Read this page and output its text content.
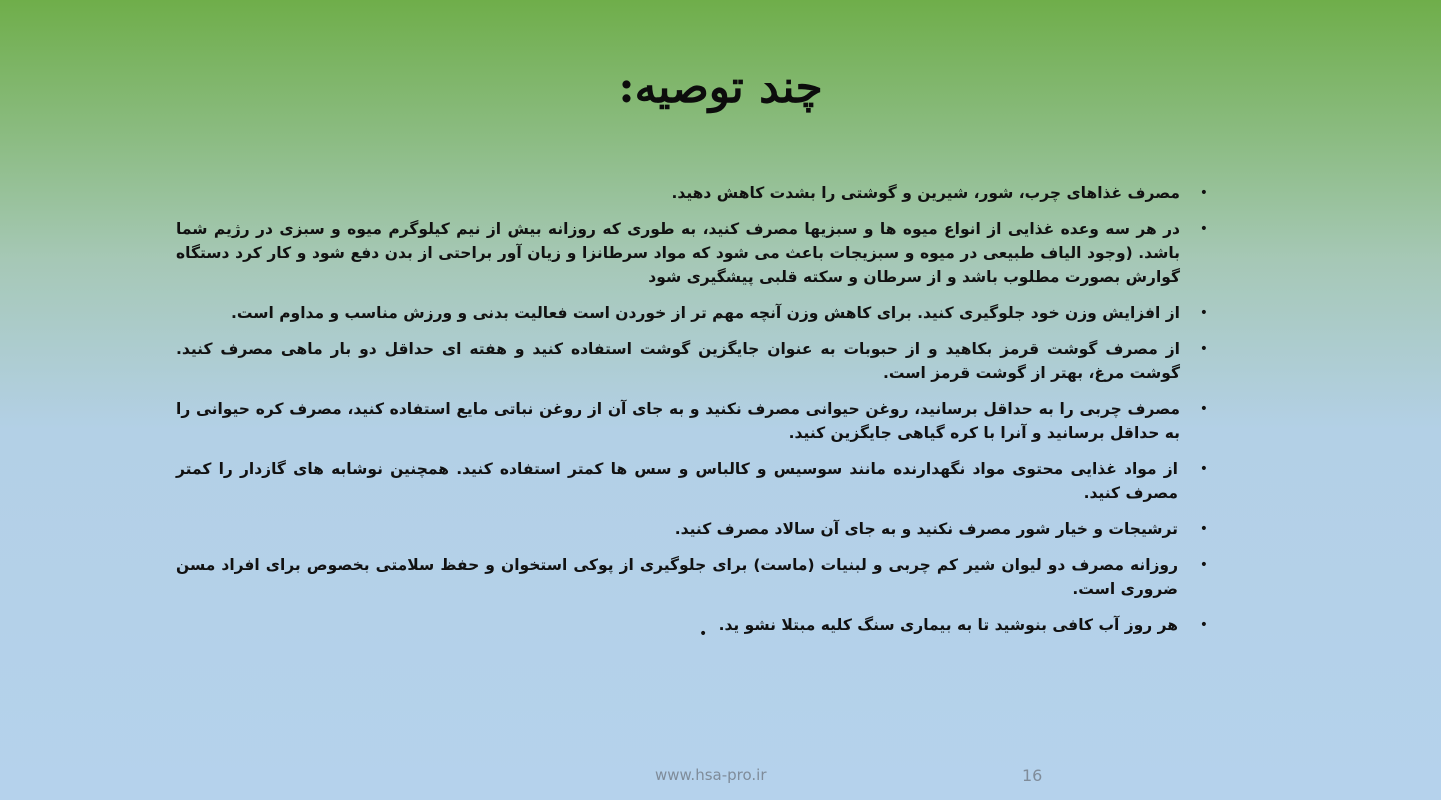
چند توصیه:
• مصرف غذاهای چرب، شور، شیرین و گوشتی را بشدت کاهش دهید.
• در هر سه وعده غذایی از انواع میوه ها و سبزیها مصرف کنید، به طوری که روزانه بیش از نیم کیلوگرم میوه و سبزی در رژیم شما باشد. (وجود الیاف طبیعی در میوه و سبزیجات باعث می شود که مواد سرطانزا و زیان آور براحتی از بدن دفع شود و کار کرد دستگاه گوارش بصورت مطلوب باشد و از سرطان و سکته قلبی پیشگیری شود
• از افزایش وزن خود جلوگیری کنید. برای کاهش وزن آنچه مهم تر از خوردن است فعالیت بدنی و ورزش مناسب و مداوم است.
• از مصرف گوشت قرمز بکاهید و از حبوبات به عنوان جایگزین گوشت استفاده کنید و هفته ای حداقل دو بار ماهی مصرف کنید. گوشت مرغ، بهتر از گوشت قرمز است.
• مصرف چربی را به حداقل برسانید، روغن حیوانی مصرف نکنید و به جای آن از روغن نباتی مایع استفاده کنید، مصرف کره حیوانی را به حداقل برسانید و آنرا با کره گیاهی جایگزین کنید.
• از مواد غذایی محتوی مواد نگهدارنده مانند سوسیس و کالباس و سس ها کمتر استفاده کنید. همچنین نوشابه های گازدار را کمتر مصرف کنید.
• ترشیجات و خیار شور مصرف نکنید و به جای آن سالاد مصرف کنید.
• روزانه مصرف دو لیوان شیر کم چربی و لبنیات (ماست) برای جلوگیری از پوکی استخوان و حفظ سلامتی بخصوص برای افراد مسن ضروری است.
• هر روز آب کافی بنوشید تا به بیماری سنگ کلیه مبتلا نشو ید.
•
www.hsa-pro.ir	16
